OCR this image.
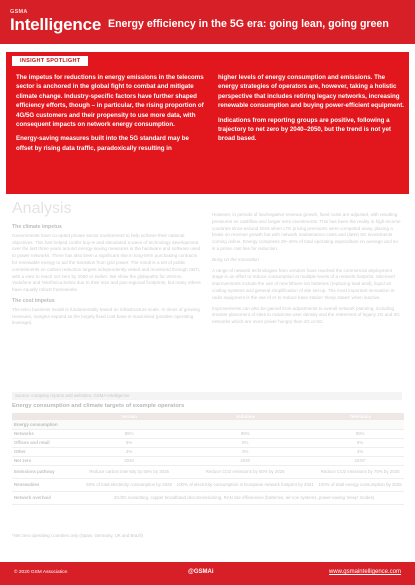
GSMA
Intelligence Energy efficiency in the 5G era: going lean, going green
INSIGHT SPOTLIGHT

The impetus for reductions in energy emissions in the telecoms sector is anchored in the global fight to combat and mitigate climate change. Industry-specific factors have further shaped efficiency efforts, though – in particular, the rising proportion of 4G/5G customers and their propensity to use more data, with consequent impacts on network energy consumption.

Energy-saving measures built into the 5G standard may be offset by rising data traffic, paradoxically resulting in

higher levels of energy consumption and emissions. The energy strategies of operators are, however, taking a holistic perspective that includes retiring legacy networks, increasing renewable consumption and buying power-efficient equipment.

Indications from reporting groups are positive, following a trajectory to net zero by 2040–2050, but the trend is not yet broad based.

Analysis
The climate impetus

Governments have co-opted private sector involvement to help achieve their national objectives. This has helped confer buy-in and stimulated a wave of technology development over the last three years around energy-saving measures in the hardware and software used to power networks. There has also been a significant rise in long-term purchasing contracts for renewable energy to aid the transition from grid power. The result is a set of public commitments on carbon reduction targets independently vetted and monitored through SBTi, with a view to reach net zero by 2050 or earlier. We show the glidepaths for Verizon, Vodafone and Telefónica below due to their size and pan-regional footprints, but many others have equally robust frameworks.

The cost impetus

The telco business model is fundamentally based on infrastructure scale. In times of growing revenues, margins expand as the largely fixed cost base is maximised (positive operating leverage).

However, in periods of low/negative revenue growth, fixed costs are adjusted, with resulting pressures on cashflow and longer term investments. This has been the reality in high-income countries since around 2015 when LTE pricing premiums were competed away, placing a brake on revenue growth but with network maintenance costs and (later) 5G investments coming online. Energy comprises 20–40% of total operating expenditure on average and so is a prime cost line for reduction.

Bring on the innovation

A range of network technologies from vendors have reached the commercial deployment stage in an effort to reduce consumption at multiple levels of a network footprint. Site-level improvements include the use of new lithium-ion batteries (replacing lead acid), liquid air cooling systems and general simplification of site set-up. The most important innovation in radio equipment is the use of AI to reduce base station 'sleep states' when inactive.

Improvements can also be gained from adjustments to overall network planning, including smarter placement of sites to maximise user density and the retirement of legacy 2G and 3G networks which are more power hungry than 4G or 5G.

Source: company reports and websites, GSMA Intelligence
Energy consumption and climate targets of example operators
	Verizon	Vodafone	Telefónica
Energy consumption			
Networks	89%	88%	90%
Offices and retail	8%	9%	6%
Other	3%	3%	4%
Net zero	2040	2040	2040*
Emissions pathway	Reduce carbon intensity by 50% by 2025	Reduce CO2 emissions by 50% by 2025	Reduce CO2 emissions by 70% by 2025
Renewables	50% of total electricity consumption by 2025	100% of electricity consumption in European network footprint by 2021	100% of total energy consumption by 2025
Network overhaul	2G/3G sunsetting, copper broadband decommissioning, RAN site efficiencies (batteries, air-con systems, power-saving 'sleep' modes)		
*Net zero operating countries only (Spain, Germany, UK and Brazil)
© 2020 GSM Association	@GSMAi	www.gsmaintelligence.com
